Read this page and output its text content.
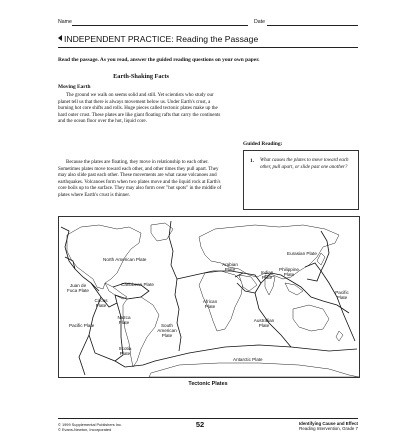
Name	Date
INDEPENDENT PRACTICE: Reading the Passage
Read the passage. As you read, answer the guided reading questions on your own paper.
Earth-Shaking Facts
Moving Earth

The ground we walk on seems solid and still. Yet scientists who study our planet tell us that there is always movement below us. Under Earth's crust, a burning hot core shifts and rolls. Huge pieces called tectonic plates make up the hard outer crust. These plates are like giant floating rafts that carry the continents and the ocean floor over the hot, liquid core.

Because the plates are floating, they move in relationship to each other. Sometimes plates move toward each other, and other times they pull apart. They may also slide past each other. These movements are what cause volcanoes and earthquakes. Volcanoes form when two plates move and the liquid rock at Earth's core boils up to the surface. They may also form over "hot spots" in the middle of plates where Earth's crust is thinner.

Guided Reading:
1. What causes the plates to move toward each other, pull apart, or slide past one another?
North American Plate
Eurasian Plate
Arabian Plate
Indian Plate
Philippine Plate
Juan de Fuca Plate
Caribbean Plate
Cocos Plate
Pacific Plate
Pacific Plate
Nazca Plate
South American Plate
African Plate
Australian Plate
Scotia Plate
Antarctic Plate
Tectonic Plates
© 1999 Supplemental Publishers Inc.
© Evans-Newton, Incorporated
52	Identifying Cause and Effect
Reading Intervention, Grade 7
